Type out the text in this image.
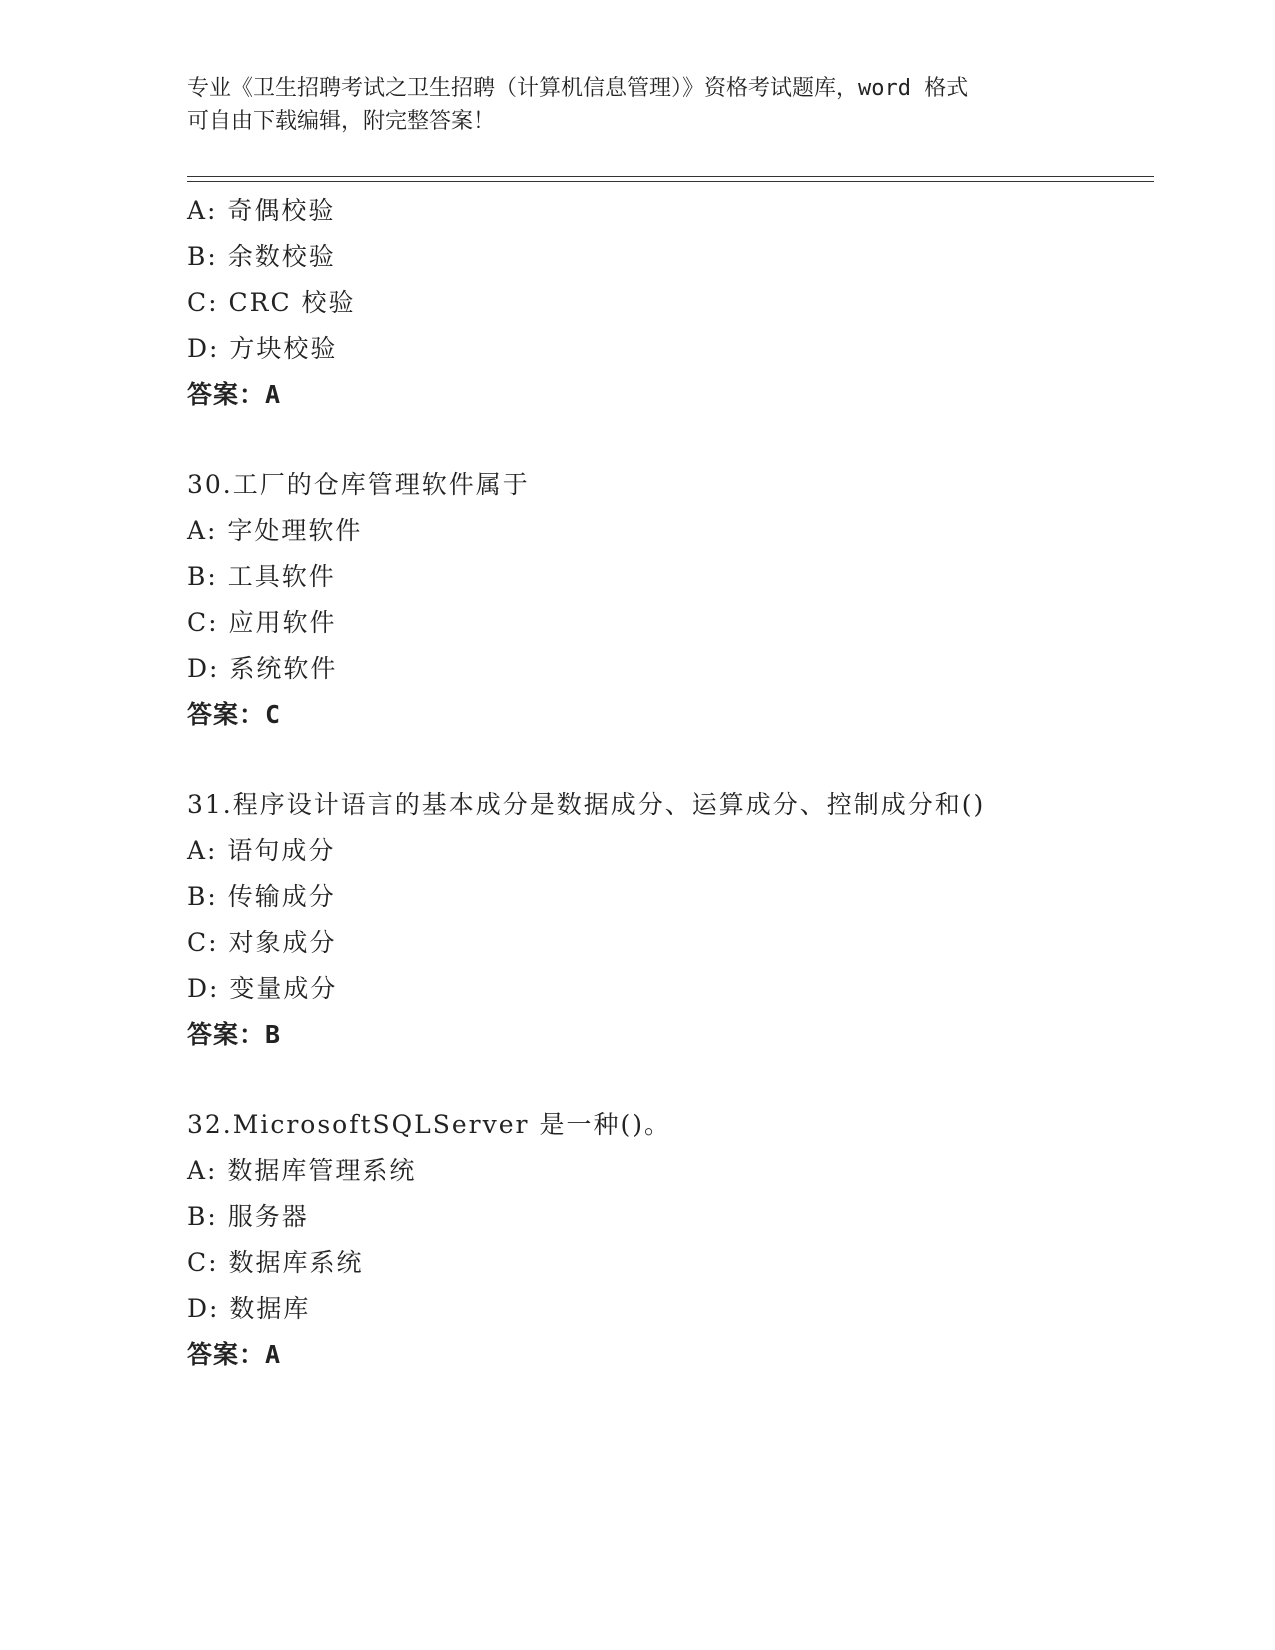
专业《卫生招聘考试之卫生招聘（计算机信息管理）》资格考试题库，word 格式
可自由下载编辑，附完整答案！
A: 奇偶校验
B: 余数校验
C: CRC 校验
D: 方块校验
答案：A
30.工厂的仓库管理软件属于
A: 字处理软件
B: 工具软件
C: 应用软件
D: 系统软件
答案：C
31.程序设计语言的基本成分是数据成分、运算成分、控制成分和()
A: 语句成分
B: 传输成分
C: 对象成分
D: 变量成分
答案：B
32.MicrosoftSQLServer 是一种()。
A: 数据库管理系统
B: 服务器
C: 数据库系统
D: 数据库
答案：A
